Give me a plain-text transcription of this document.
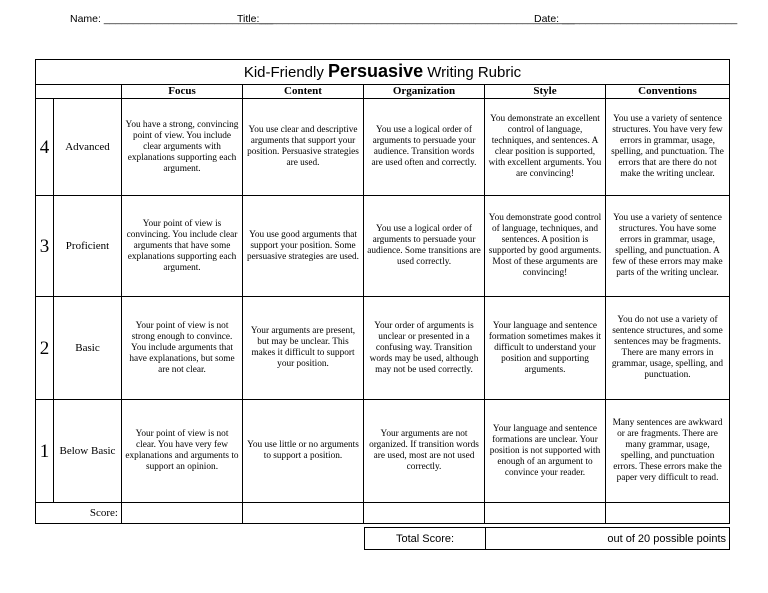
Name: _____________________________
Title:______________________________________________________
Date: ______________________________
Kid-Friendly Persuasive Writing Rubric						
		Focus	Content	Organization	Style	Conventions
4	Advanced	You have a strong, convincing point of view. You include clear arguments with explanations supporting each argument.	You use clear and descriptive arguments that support your position. Persuasive strategies are used.	You use a logical order of arguments to persuade your audience. Transition words are used often and correctly.	You demonstrate an excellent control of language, techniques, and sentences. A clear position is supported, with excellent arguments. You are convincing!	You use a variety of sentence structures. You have very few errors in grammar, usage, spelling, and punctuation. The errors that are there do not make the writing unclear.
3	Proficient	Your point of view is convincing. You include clear arguments that have some explanations supporting each argument.	You use good arguments that support your position. Some persuasive strategies are used.	You use a logical order of arguments to persuade your audience. Some transitions are used correctly.	You demonstrate good control of language, techniques, and sentences. A position is supported by good arguments. Most of these arguments are convincing!	You use a variety of sentence structures. You have some errors in grammar, usage, spelling, and punctuation. A few of these errors may make parts of the writing unclear.
2	Basic	Your point of view is not strong enough to convince. You include arguments that have explanations, but some are not clear.	Your arguments are present, but may be unclear. This makes it difficult to support your position.	Your order of arguments is unclear or presented in a confusing way. Transition words may be used, although may not be used correctly.	Your language and sentence formation sometimes makes it difficult to understand your position and supporting arguments.	You do not use a variety of sentence structures, and some sentences may be fragments. There are many errors in grammar, usage, spelling, and punctuation.
1	Below Basic	Your point of view is not clear. You have very few explanations and arguments to support an opinion.	You use little or no arguments to support a position.	Your arguments are not organized. If transition words are used, most are not used correctly.	Your language and sentence formations are unclear. Your position is not supported with enough of an argument to convince your reader.	Many sentences are awkward or are fragments. There are many grammar, usage, spelling, and punctuation errors. These errors make the paper very difficult to read.
Score:						
Total Score:	out of 20 possible points
